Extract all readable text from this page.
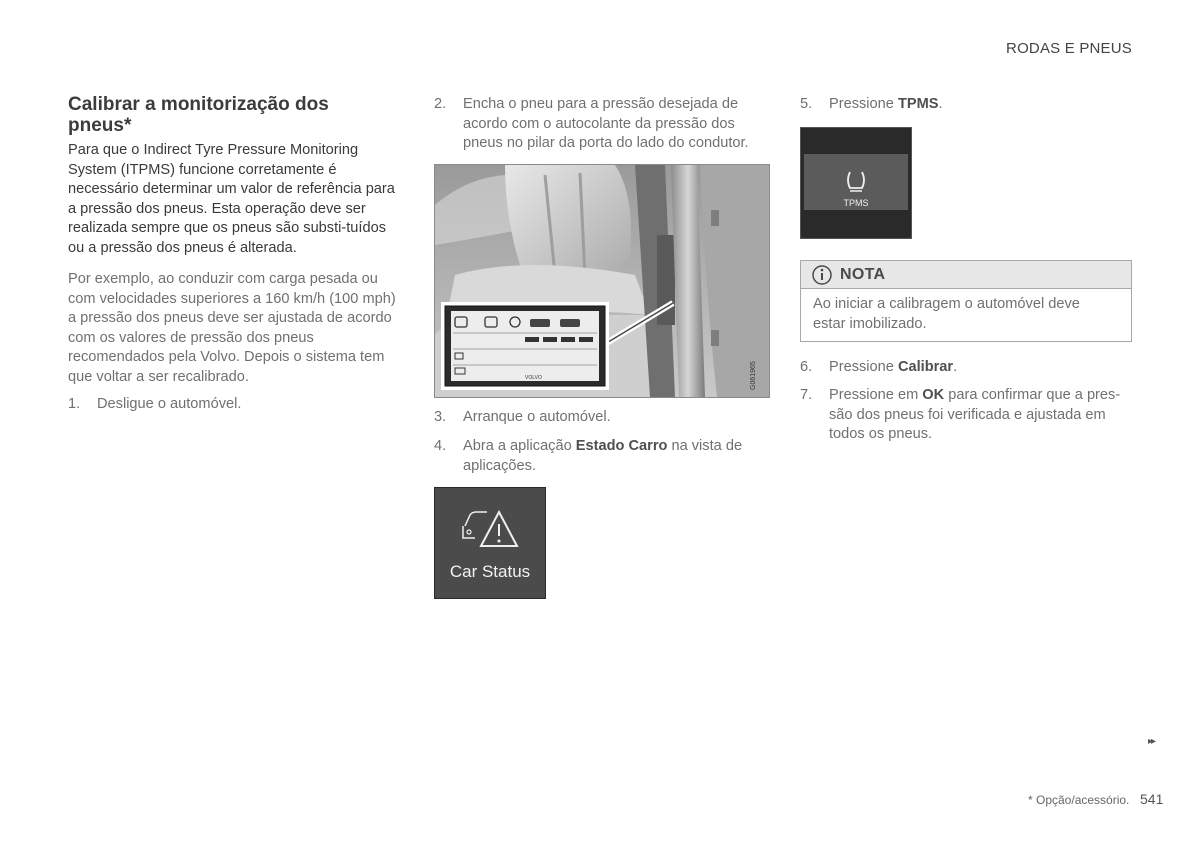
RODAS E PNEUS
Calibrar a monitorização dos pneus*
Para que o Indirect Tyre Pressure Monitoring System (ITPMS) funcione corretamente é necessário determinar um valor de referência para a pressão dos pneus. Esta operação deve ser realizada sempre que os pneus são substi-tuídos ou a pressão dos pneus é alterada.
Por exemplo, ao conduzir com carga pesada ou com velocidades superiores a 160 km/h (100 mph) a pressão dos pneus deve ser ajustada de acordo com os valores de pressão dos pneus recomendados pela Volvo. Depois o sistema tem que voltar a ser recalibrado.
1. Desligue o automóvel.
2. Encha o pneu para a pressão desejada de acordo com o autocolante da pressão dos pneus no pilar da porta do lado do condutor.
VOLVO	G061965
3. Arranque o automóvel.
4. Abra a aplicação Estado Carro na vista de aplicações.
Car Status
5. Pressione TPMS.
TPMS
NOTA
Ao iniciar a calibragem o automóvel deve estar imobilizado.
6. Pressione Calibrar.
7. Pressione em OK para confirmar que a pres-são dos pneus foi verificada e ajustada em todos os pneus.
▸▸
* Opção/acessório. 541
